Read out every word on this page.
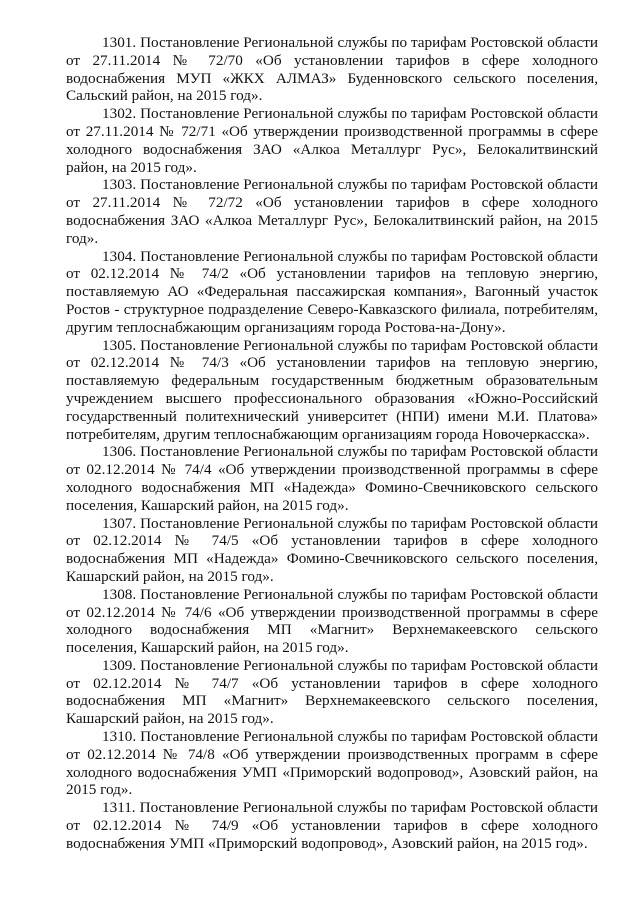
1301. Постановление Региональной службы по тарифам Ростовской области от 27.11.2014 № 72/70 «Об установлении тарифов в сфере холодного водоснабжения МУП «ЖКХ АЛМАЗ» Буденновского сельского поселения, Сальский район, на 2015 год».

1302. Постановление Региональной службы по тарифам Ростовской области от 27.11.2014 № 72/71 «Об утверждении производственной программы в сфере холодного водоснабжения ЗАО «Алкоа Металлург Рус», Белокалитвинский район, на 2015 год».

1303. Постановление Региональной службы по тарифам Ростовской области от 27.11.2014 № 72/72 «Об установлении тарифов в сфере холодного водоснабжения ЗАО «Алкоа Металлург Рус», Белокалитвинский район, на 2015 год».

1304. Постановление Региональной службы по тарифам Ростовской области от 02.12.2014 № 74/2 «Об установлении тарифов на тепловую энергию, поставляемую АО «Федеральная пассажирская компания», Вагонный участок Ростов - структурное подразделение Северо-Кавказского филиала, потребителям, другим теплоснабжающим организациям города Ростова-на-Дону».

1305. Постановление Региональной службы по тарифам Ростовской области от 02.12.2014 № 74/3 «Об установлении тарифов на тепловую энергию, поставляемую федеральным государственным бюджетным образовательным учреждением высшего профессионального образования «Южно-Российский государственный политехнический университет (НПИ) имени М.И. Платова» потребителям, другим теплоснабжающим организациям города Новочеркасска».

1306. Постановление Региональной службы по тарифам Ростовской области от 02.12.2014 № 74/4 «Об утверждении производственной программы в сфере холодного водоснабжения МП «Надежда» Фомино-Свечниковского сельского поселения, Кашарский район, на 2015 год».

1307. Постановление Региональной службы по тарифам Ростовской области от 02.12.2014 № 74/5 «Об установлении тарифов в сфере холодного водоснабжения МП «Надежда» Фомино-Свечниковского сельского поселения, Кашарский район, на 2015 год».

1308. Постановление Региональной службы по тарифам Ростовской области от 02.12.2014 № 74/6 «Об утверждении производственной программы в сфере холодного водоснабжения МП «Магнит» Верхнемакеевского сельского поселения, Кашарский район, на 2015 год».

1309. Постановление Региональной службы по тарифам Ростовской области от 02.12.2014 № 74/7 «Об установлении тарифов в сфере холодного водоснабжения МП «Магнит» Верхнемакеевского сельского поселения, Кашарский район, на 2015 год».

1310. Постановление Региональной службы по тарифам Ростовской области от 02.12.2014 № 74/8 «Об утверждении производственных программ в сфере холодного водоснабжения УМП «Приморский водопровод», Азовский район, на 2015 год».

1311. Постановление Региональной службы по тарифам Ростовской области от 02.12.2014 № 74/9 «Об установлении тарифов в сфере холодного водоснабжения УМП «Приморский водопровод», Азовский район, на 2015 год».
